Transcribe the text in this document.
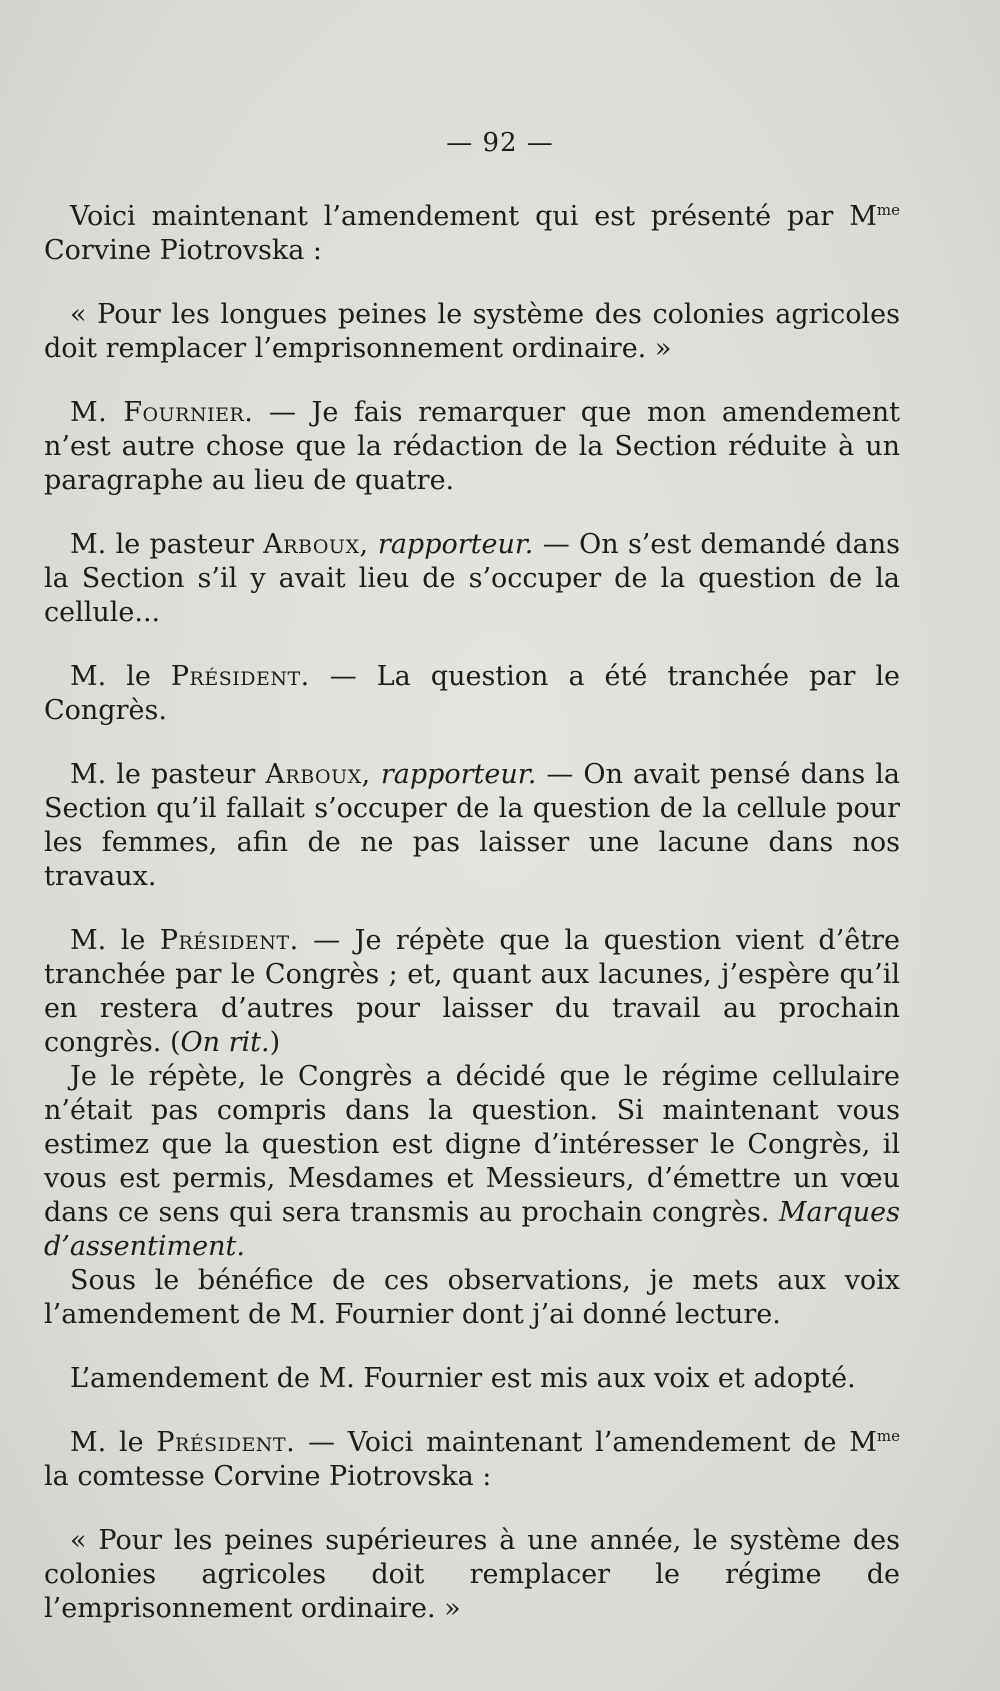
— 92 —

Voici maintenant l’amendement qui est présenté par $M^{me}$ Corvine Piotrovska :

« Pour les longues peines le système des colonies agricoles doit remplacer l’emprisonnement ordinaire. »

M. Fournier. — Je fais remarquer que mon amendement n’est autre chose que la rédaction de la Section réduite à un paragraphe au lieu de quatre.

M. le pasteur Arboux, rapporteur. — On s’est demandé dans la Section s’il y avait lieu de s’occuper de la question de la cellule...

M. le Président. — La question a été tranchée par le Congrès.

M. le pasteur Arboux, rapporteur. — On avait pensé dans la Section qu’il fallait s’occuper de la question de la cellule pour les femmes, afin de ne pas laisser une lacune dans nos travaux.

M. le Président. — Je répète que la question vient d’être tranchée par le Congrès ; et, quant aux lacunes, j’espère qu’il en restera d’autres pour laisser du travail au prochain congrès. (On rit.)

Je le répète, le Congrès a décidé que le régime cellulaire n’était pas compris dans la question. Si maintenant vous estimez que la question est digne d’intéresser le Congrès, il vous est permis, Mesdames et Messieurs, d’émettre un vœu dans ce sens qui sera transmis au prochain congrès. Marques d’assentiment.

Sous le bénéfice de ces observations, je mets aux voix l’amendement de M. Fournier dont j’ai donné lecture.

L’amendement de M. Fournier est mis aux voix et adopté.

M. le Président. — Voici maintenant l’amendement de $M^{me}$ la comtesse Corvine Piotrovska :

« Pour les peines supérieures à une année, le système des colonies agricoles doit remplacer le régime de l’emprisonnement ordinaire. »
